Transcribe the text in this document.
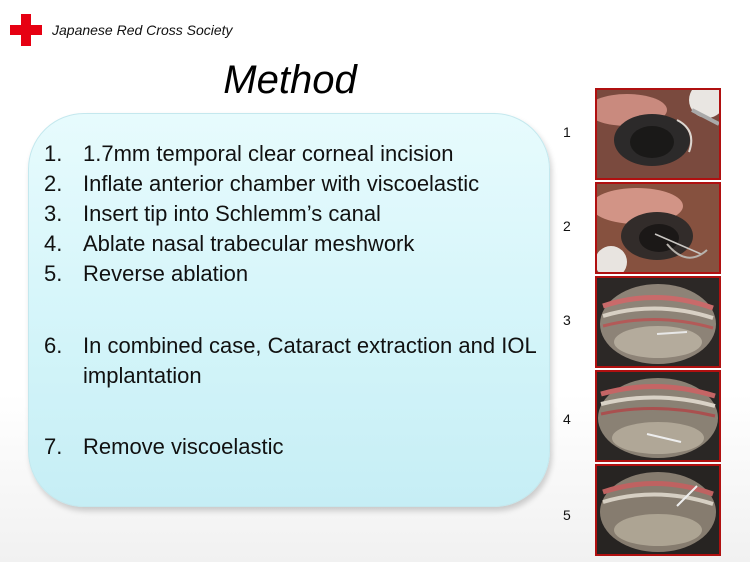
Japanese Red Cross Society
Method
1. 1.7mm temporal clear corneal incision
2. Inflate anterior chamber with viscoelastic
3. Insert tip into Schlemm’s canal
4. Ablate nasal trabecular meshwork
5. Reverse ablation
6. In combined case, Cataract extraction and IOL implantation
7. Remove viscoelastic
1
2
3
4
5
